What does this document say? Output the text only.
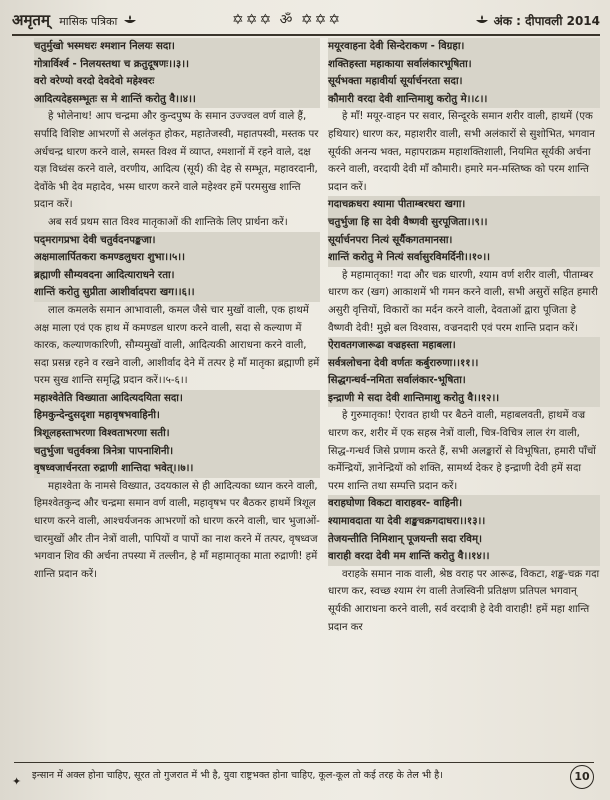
अमृतम् मासिक पत्रिका	✡✡✡ ॐ ✡✡✡	अंक : दीपावली 2014

चतुर्मुखो भस्मधरः श्मशान निलयः सदा।

गोत्रार्विर्श्व - निलयस्तथा च क्रतुदूषणः।।३।।

वरो वरेण्यो वरदो देवदेवो महेश्वरः

आदित्यदेहसम्भूतः स मे शान्तिं करोतु वै।।४।।

हे भोलेनाथ! आप चन्द्रमा और कुन्दपुष्प के समान उज्ज्वल वर्ण वाले हैं, सर्पादि विशिष्ट आभरणों से अलंकृत होकर, महातेजस्वी, महातपस्वी, मस्तक पर अर्धचन्द्र धारण करने वाले, समस्त विश्व में व्याप्त, श्मशानों में रहने वाले, दक्ष यज्ञ विध्वंस करने वाले, वरणीय, आदित्य (सूर्य) की देह से सम्भूत, महावरदानी, देवोंके भी देव महादेव, भस्म धारण करने वाले महेश्वर हमें परमसुख शान्ति प्रदान करें।

अब सर्व प्रथम सात विश्व मातृकाओं की शान्तिके लिए प्रार्थना करें।

पद्‌मरागप्रभा देवी चतुर्वदनपङ्कजा।

अक्षमालार्पितकरा कमण्डलुधरा शुभा।।५।।

ब्रह्माणी सौम्यवदना आदित्याराधने रता।

शान्तिं करोतु सुप्रीता आशीर्वादपरा खग।।६।।

लाल कमलके समान आभावाली, कमल जैसे चार मुखों वाली, एक हाथमें अक्ष माला एवं एक हाथ में कमण्डल धारण करने वाली, सदा से कल्याण में कारक, कल्याणकारिणी, सौम्यमुखों वाली, आदित्यकी आराधना करने वाली, सदा प्रसन्न रहने व रखने वाली, आशीर्वाद देने में तत्पर हे माँ मातृका ब्रह्माणी हमें परम सुख शान्ति समृद्धि प्रदान करें।।५-६।।

महाश्वेतेति विख्याता आदित्यदयिता सदा।

हिमकुन्देन्दुसदृशा महावृषभवाहिनी।

त्रिशूलहस्ताभरणा विश्वताभरणा सती।

चतुर्भुजा चतुर्वक्त्रा त्रिनेत्रा पापनाशिनी।

वृषध्वजार्चनरता रुद्राणी शान्तिदा भवेत्।।७।।

महाश्वेता के नामसे विख्यात, उदयकाल से ही आदित्यका ध्यान करने वाली, हिमश्वेतकुन्द और चन्द्रमा समान वर्ण वाली, महावृषभ पर बैठकर हाथमें त्रिशूल धारण करने वाली, आश्चर्यजनक आभरणों को धारण करने वाली, चार भुजाओं-चारमुखों और तीन नेत्रों वाली, पापियों व पापों का नाश करने में तत्पर, वृषध्वज भगवान शिव की अर्चना तपस्या में तल्लीन, हे माँ महामातृका माता रुद्राणी! हमें शान्ति प्रदान करें।

मयूरवाहना देवी सिन्देराकण - विग्रहा।

शक्तिहस्ता महाकाया सर्वालंकारभूषिता।

सूर्यभक्ता महावीर्या सूर्यार्चनरता सदा।

कौमारी वरदा देवी शान्तिमाशु करोतु मे।।८।।

हे माँ! मयूर-वाहन पर सवार, सिन्दूरके समान शरीर वाली, हाथमें (एक हथियार) धारण कर, महाशरीर वाली, सभी अलंकारों से सुशोभित, भगवान सूर्यकी अनन्य भक्त, महापराक्रम महाशक्तिशाली, नियमित सूर्यकी अर्चना करने वाली, वरदायी देवी माँ कौमारी। हमारे मन-मस्तिष्क को परम शान्ति प्रदान करें।

गदाचक्रधरा श्यामा पीताम्बरधरा खगा।

चतुर्भुजा हि सा देवी वैष्णवी सुरपूजिता।।९।।

सूर्यार्चनपरा नित्यं सूर्यैकगतमानसा।

शान्तिं करोतु मे नित्यं सर्वासुरविमर्दिनी।।१०।।

हे महामातृका! गदा और चक्र धारणी, श्याम वर्ण शरीर वाली, पीताम्बर धारण कर (खग) आकाशमें भी गमन करने वाली, सभी असुरों सहित हमारी असुरी वृत्तियों, विकारों का मर्दन करने वाली, देवताओं द्वारा पूजिता हे वैष्णवी देवी! मुझे बल विश्वास, वज्रनदारी एवं परम शान्ति प्रदान करें।

ऐरावतगजारूढा वज्रहस्ता महाबला।

सर्वत्रलोचना देवी वर्णतः कर्बुरारुणा।।११।।

सिद्धगन्धर्व-नमिता सर्वालंकार-भूषिता।

इन्द्राणी मे सदा देवी शान्तिमाशु करोतु वै।।१२।।

हे गुरुमातृका! ऐरावत हाथी पर बैठने वाली, महाबलवती, हाथमें वज्र धारण कर, शरीर में एक सहस्र नेत्रों वाली, चित्र-विचित्र लाल रंग वाली, सिद्ध-गन्धर्व जिसे प्रणाम करते हैं, सभी अलङ्कारों से विभूषिता, हमारी पाँचों कर्मेन्द्रियों, ज्ञानेन्द्रियों को शक्ति, सामर्थ्य देकर हे इन्द्राणी देवी हमें सदा परम शान्ति तथा सम्पत्ति प्रदान करें।

वराहघोणा विकटा वाराहवर- वाहिनी।

श्यामावदाता या देवी शङ्खचक्रगदाधरा।।१३।।

तेजयन्तीति निमिशान् पूजयन्ती सदा रविम्।

वाराही वरदा देवी मम शान्तिं करोतु वै।।१४।।

वराहके समान नाक वाली, श्रेष्ठ वराह पर आरूढ, विकटा, शङ्ख-चक्र गदा धारण कर, स्वच्छ श्याम रंग वाली तेजस्विनी प्रतिक्षण प्रतिपल भगवान् सूर्यकी आराधना करने वाली, सर्व वरदात्री हे देवी वाराही! हमें महा शान्ति प्रदान कर

✦ इन्सान में अक्ल होना चाहिए, सूरत तो गुजरात में भी है, युवा राष्ट्रभक्त होना चाहिए, कूल-कूल तो कई तरह के तेल भी है।	10
